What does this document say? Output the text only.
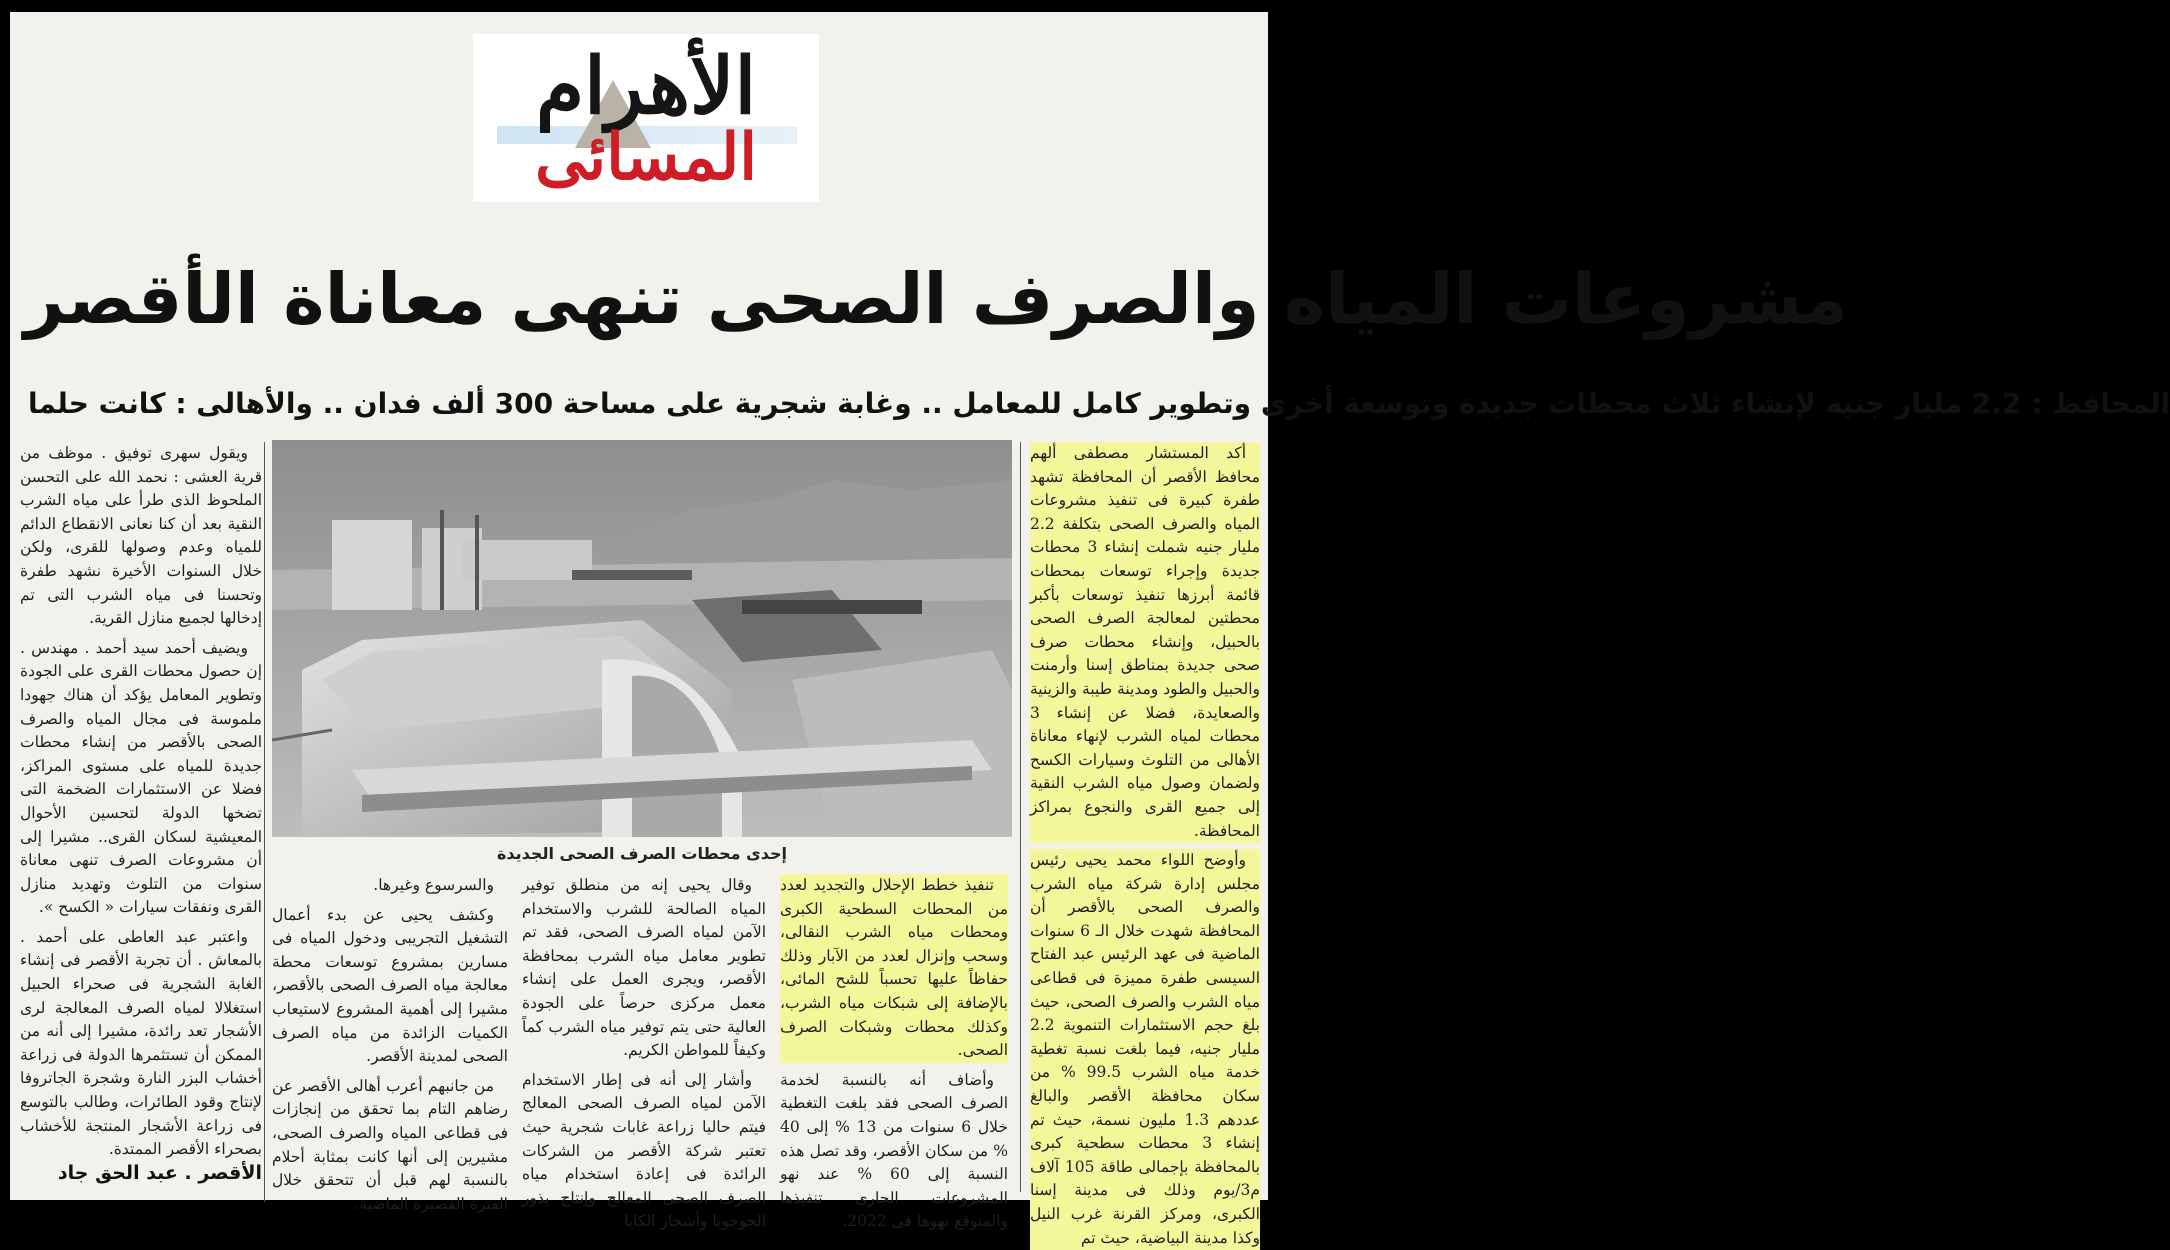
الأهرام
المسائى
مشروعات المياه والصرف الصحى تنهى معاناة الأقصر
المحافظ : 2.2 مليار جنيه لإنشاء ثلاث محطات جديدة وتوسعة أخرى وتطوير كامل للمعامل .. وغابة شجرية على مساحة 300 ألف فدان .. والأهالى : كانت حلما

أكد المستشار مصطفى ألهم محافظ الأقصر أن المحافظة تشهد طفرة كبيرة فى تنفيذ مشروعات المياه والصرف الصحى بتكلفة 2.2 مليار جنيه شملت إنشاء 3 محطات جديدة وإجراء توسعات بمحطات قائمة أبرزها تنفيذ توسعات بأكبر محطتين لمعالجة الصرف الصحى بالحبيل، وإنشاء محطات صرف صحى جديدة بمناطق إسنا وأرمنت والحبيل والطود ومدينة طيبة والزينية والصعايدة، فضلا عن إنشاء 3 محطات لمياه الشرب لإنهاء معاناة الأهالى من التلوث وسيارات الكسح ولضمان وصول مياه الشرب النقية إلى جميع القرى والنجوع بمراكز المحافظة.

وأوضح اللواء محمد يحيى رئيس مجلس إدارة شركة مياه الشرب والصرف الصحى بالأقصر أن المحافظة شهدت خلال الـ 6 سنوات الماضية فى عهد الرئيس عبد الفتاح السيسى طفرة مميزة فى قطاعى مياه الشرب والصرف الصحى، حيث بلغ حجم الاستثمارات التنموية 2.2 مليار جنيه، فيما بلغت نسبة تغطية خدمة مياه الشرب 99.5 % من سكان محافظة الأقصر والبالغ عددهم 1.3 مليون نسمة، حيث تم إنشاء 3 محطات سطحية كبرى بالمحافظة بإجمالى طاقة 105 آلاف م3/يوم وذلك فى مدينة إسنا الكبرى، ومركز القرنة غرب النيل وكذا مدينة البياضية، حيث تم

تنفيذ خطط الإحلال والتجديد لعدد من المحطات السطحية الكبرى ومحطات مياه الشرب النقالى، وسحب وإنزال لعدد من الآبار وذلك حفاظاً عليها تحسباً للشح المائى، بالإضافة إلى شبكات مياه الشرب، وكذلك محطات وشبكات الصرف الصحى.

وأضاف أنه بالنسبة لخدمة الصرف الصحى فقد بلغت التغطية خلال 6 سنوات من 13 % إلى 40 % من سكان الأقصر، وقد تصل هذه النسبة إلى 60 % عند نهو المشروعات الجارى تنفيذها والمتوقع نهوها فى 2022.

وقال يحيى إنه من منطلق توفير المياه الصالحة للشرب والاستخدام الآمن لمياه الصرف الصحى، فقد تم تطوير معامل مياه الشرب بمحافظة الأقصر، ويجرى العمل على إنشاء معمل مركزى حرصاً على الجودة العالية حتى يتم توفير مياه الشرب كماً وكيفاً للمواطن الكريم.

وأشار إلى أنه فى إطار الاستخدام الآمن لمياه الصرف الصحى المعالج فيتم حاليا زراعة غابات شجرية حيث تعتبر شركة الأقصر من الشركات الرائدة فى إعادة استخدام مياه الصرف الصحى المعالج وإنتاج بذور الجوجوبا وأشجار الكايا

والسرسوع وغيرها.

وكشف يحيى عن بدء أعمال التشغيل التجريبى ودخول المياه فى مسارين بمشروع توسعات محطة معالجة مياه الصرف الصحى بالأقصر، مشيرا إلى أهمية المشروع لاستيعاب الكميات الزائدة من مياه الصرف الصحى لمدينة الأقصر.

من جانبهم أعرب أهالى الأقصر عن رضاهم التام بما تحقق من إنجازات فى قطاعى المياه والصرف الصحى، مشيرين إلى أنها كانت بمثابة أحلام بالنسبة لهم قبل أن تتحقق خلال الفترة القصيرة الماضية.

ويقول سهرى توفيق . موظف من قرية العشى : نحمد الله على التحسن الملحوظ الذى طرأ على مياه الشرب النقية بعد أن كنا نعانى الانقطاع الدائم للمياه وعدم وصولها للقرى، ولكن خلال السنوات الأخيرة نشهد طفرة وتحسنا فى مياه الشرب التى تم إدخالها لجميع منازل القرية.

ويضيف أحمد سيد أحمد . مهندس . إن حصول محطات القرى على الجودة وتطوير المعامل يؤكد أن هناك جهودا ملموسة فى مجال المياه والصرف الصحى بالأقصر من إنشاء محطات جديدة للمياه على مستوى المراكز، فضلا عن الاستثمارات الضخمة التى تضخها الدولة لتحسين الأحوال المعيشية لسكان القرى.. مشيرا إلى أن مشروعات الصرف تنهى معاناة سنوات من التلوث وتهديد منازل القرى ونفقات سيارات « الكسح ».

واعتبر عبد العاطى على أحمد . بالمعاش . أن تجربة الأقصر فى إنشاء الغابة الشجرية فى صحراء الحبيل استغلالا لمياه الصرف المعالجة لرى الأشجار تعد رائدة، مشيرا إلى أنه من الممكن أن تستثمرها الدولة فى زراعة أخشاب البزر النارة وشجرة الجاتروفا لإنتاج وقود الطائرات، وطالب بالتوسع فى زراعة الأشجار المنتجة للأخشاب بصحراء الأقصر الممتدة.

إحدى محطات الصرف الصحى الجديدة
الأقصر . عبد الحق جاد
